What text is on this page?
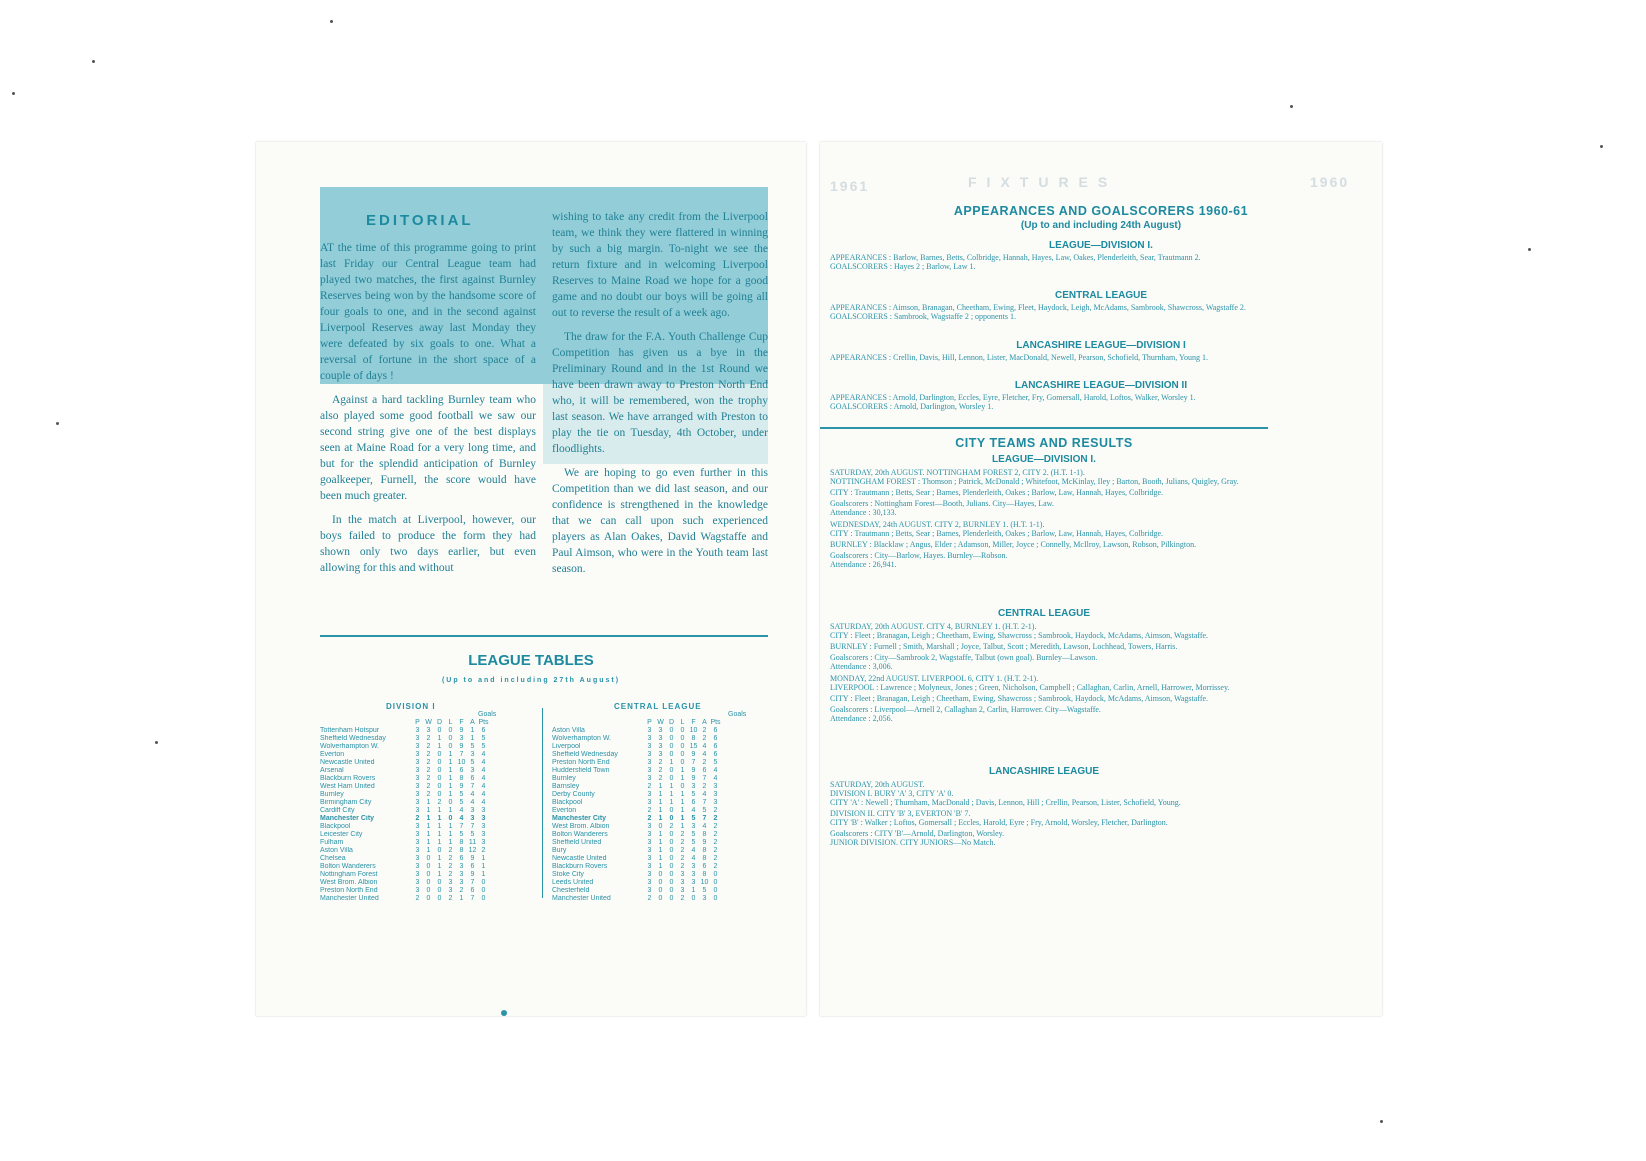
EDITORIAL

AT the time of this programme going to print last Friday our Central League team had played two matches, the first against Burnley Reserves being won by the handsome score of four goals to one, and in the second against Liverpool Reserves away last Monday they were defeated by six goals to one. What a reversal of fortune in the short space of a couple of days !

Against a hard tackling Burnley team who also played some good football we saw our second string give one of the best displays seen at Maine Road for a very long time, and but for the splendid anticipation of Burnley goalkeeper, Furnell, the score would have been much greater.

In the match at Liverpool, however, our boys failed to produce the form they had shown only two days earlier, but even allowing for this and without

wishing to take any credit from the Liverpool team, we think they were flattered in winning by such a big margin. To-night we see the return fixture and in welcoming Liverpool Reserves to Maine Road we hope for a good game and no doubt our boys will be going all out to reverse the result of a week ago.

The draw for the F.A. Youth Challenge Cup Competition has given us a bye in the Preliminary Round and in the 1st Round we have been drawn away to Preston North End who, it will be remembered, won the trophy last season. We have arranged with Preston to play the tie on Tuesday, 4th October, under floodlights.

We are hoping to go even further in this Competition than we did last season, and our confidence is strengthened in the knowledge that we can call upon such experienced players as Alan Oakes, David Wagstaffe and Paul Aimson, who were in the Youth team last season.

LEAGUE TABLES
(Up to and including 27th August)
DIVISION I
Goals
	P	W	D	L	F	A	Pts
Tottenham Hotspur	3	3	0	0	9	1	6
Sheffield Wednesday	3	2	1	0	3	1	5
Wolverhampton W.	3	2	1	0	9	5	5
Everton	3	2	0	1	7	3	4
Newcastle United	3	2	0	1	10	5	4
Arsenal	3	2	0	1	6	3	4
Blackburn Rovers	3	2	0	1	8	6	4
West Ham United	3	2	0	1	9	7	4
Burnley	3	2	0	1	5	4	4
Birmingham City	3	1	2	0	5	4	4
Cardiff City	3	1	1	1	4	3	3
Manchester City	2	1	1	0	4	3	3
Blackpool	3	1	1	1	7	7	3
Leicester City	3	1	1	1	5	5	3
Fulham	3	1	1	1	8	11	3
Aston Villa	3	1	0	2	8	12	2
Chelsea	3	0	1	2	6	9	1
Bolton Wanderers	3	0	1	2	3	6	1
Nottingham Forest	3	0	1	2	3	9	1
West Brom. Albion	3	0	0	3	3	7	0
Preston North End	3	0	0	3	2	6	0
Manchester United	2	0	0	2	1	7	0
CENTRAL LEAGUE
Goals
	P	W	D	L	F	A	Pts
Aston Villa	3	3	0	0	10	2	6
Wolverhampton W.	3	3	0	0	8	2	6
Liverpool	3	3	0	0	15	4	6
Sheffield Wednesday	3	3	0	0	9	4	6
Preston North End	3	2	1	0	7	2	5
Huddersfield Town	3	2	0	1	9	6	4
Burnley	3	2	0	1	9	7	4
Barnsley	2	1	1	0	3	2	3
Derby County	3	1	1	1	5	4	3
Blackpool	3	1	1	1	6	7	3
Everton	2	1	0	1	4	5	2
Manchester City	2	1	0	1	5	7	2
West Brom. Albion	3	0	2	1	3	4	2
Bolton Wanderers	3	1	0	2	5	8	2
Sheffield United	3	1	0	2	5	9	2
Bury	3	1	0	2	4	8	2
Newcastle United	3	1	0	2	4	8	2
Blackburn Rovers	3	1	0	2	3	6	2
Stoke City	3	0	0	3	3	8	0
Leeds United	3	0	0	3	3	10	0
Chesterfield	3	0	0	3	1	5	0
Manchester United	2	0	0	2	0	3	0
1961	FIXTURES	1960
APPEARANCES AND GOALSCORERS 1960-61
(Up to and including 24th August)
LEAGUE—DIVISION I.
APPEARANCES : Barlow, Barnes, Betts, Colbridge, Hannah, Hayes, Law, Oakes, Plenderleith, Sear, Trautmann 2.
GOALSCORERS : Hayes 2 ; Barlow, Law 1.
CENTRAL LEAGUE
APPEARANCES : Aimson, Branagan, Cheetham, Ewing, Fleet, Haydock, Leigh, McAdams, Sambrook, Shawcross, Wagstaffe 2.
GOALSCORERS : Sambrook, Wagstaffe 2 ; opponents 1.
LANCASHIRE LEAGUE—DIVISION I
APPEARANCES : Crellin, Davis, Hill, Lennon, Lister, MacDonald, Newell, Pearson, Schofield, Thurnham, Young 1.
LANCASHIRE LEAGUE—DIVISION II
APPEARANCES : Arnold, Darlington, Eccles, Eyre, Fletcher, Fry, Gomersall, Harold, Loftos, Walker, Worsley 1.
GOALSCORERS : Arnold, Darlington, Worsley 1.
CITY TEAMS AND RESULTS
LEAGUE—DIVISION I.
SATURDAY, 20th AUGUST. NOTTINGHAM FOREST 2, CITY 2. (H.T. 1-1).
NOTTINGHAM FOREST : Thomson ; Patrick, McDonald ; Whitefoot, McKinlay, Iley ; Barton, Booth, Julians, Quigley, Gray.
CITY : Trautmann ; Betts, Sear ; Barnes, Plenderleith, Oakes ; Barlow, Law, Hannah, Hayes, Colbridge.
Goalscorers : Nottingham Forest—Booth, Julians. City—Hayes, Law.
Attendance : 30,133.
WEDNESDAY, 24th AUGUST. CITY 2, BURNLEY 1. (H.T. 1-1).
CITY : Trautmann ; Betts, Sear ; Barnes, Plenderleith, Oakes ; Barlow, Law, Hannah, Hayes, Colbridge.
BURNLEY : Blacklaw ; Angus, Elder ; Adamson, Miller, Joyce ; Connelly, McIlroy, Lawson, Robson, Pilkington.
Goalscorers : City—Barlow, Hayes. Burnley—Robson.
Attendance : 26,941.
CENTRAL LEAGUE
SATURDAY, 20th AUGUST. CITY 4, BURNLEY 1. (H.T. 2-1).
CITY : Fleet ; Branagan, Leigh ; Cheetham, Ewing, Shawcross ; Sambrook, Haydock, McAdams, Aimson, Wagstaffe.
BURNLEY : Furnell ; Smith, Marshall ; Joyce, Talbut, Scott ; Meredith, Lawson, Lochhead, Towers, Harris.
Goalscorers : City—Sambrook 2, Wagstaffe, Talbut (own goal). Burnley—Lawson.
Attendance : 3,006.
MONDAY, 22nd AUGUST. LIVERPOOL 6, CITY 1. (H.T. 2-1).
LIVERPOOL : Lawrence ; Molyneux, Jones ; Green, Nicholson, Campbell ; Callaghan, Carlin, Arnell, Harrower, Morrissey.
CITY : Fleet ; Branagan, Leigh ; Cheetham, Ewing, Shawcross ; Sambrook, Haydock, McAdams, Aimson, Wagstaffe.
Goalscorers : Liverpool—Arnell 2, Callaghan 2, Carlin, Harrower. City—Wagstaffe.
Attendance : 2,056.
LANCASHIRE LEAGUE
SATURDAY, 20th AUGUST.
DIVISION I. BURY 'A' 3, CITY 'A' 0.
CITY 'A' : Newell ; Thurnham, MacDonald ; Davis, Lennon, Hill ; Crellin, Pearson, Lister, Schofield, Young.
DIVISION II. CITY 'B' 3, EVERTON 'B' 7.
CITY 'B' : Walker ; Loftos, Gomersall ; Eccles, Harold, Eyre ; Fry, Arnold, Worsley, Fletcher, Darlington.
Goalscorers : CITY 'B'—Arnold, Darlington, Worsley.
JUNIOR DIVISION. CITY JUNIORS—No Match.
